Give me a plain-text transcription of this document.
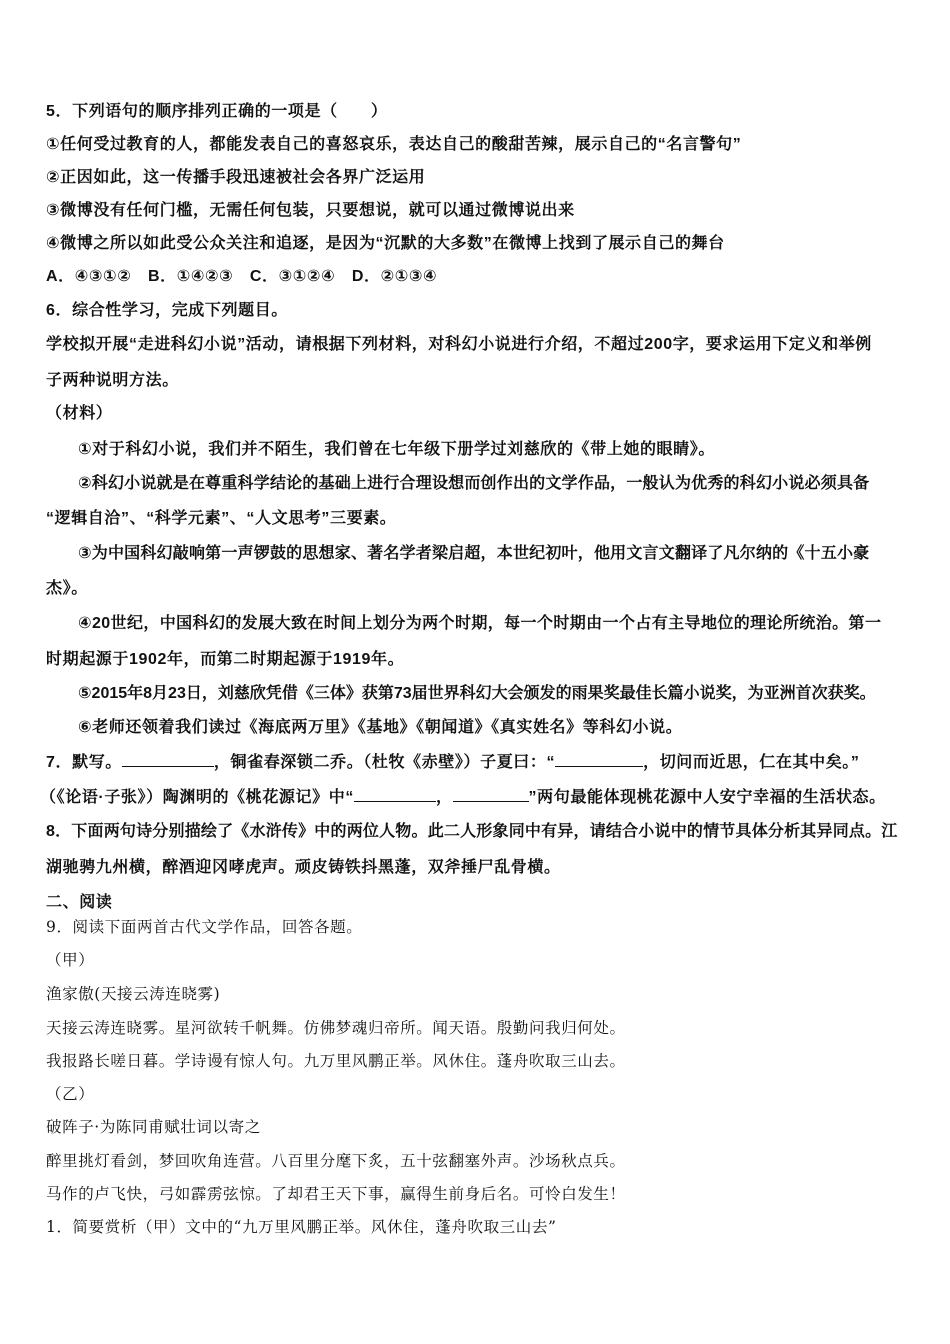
5．下列语句的顺序排列正确的一项是（　　）
①任何受过教育的人，都能发表自己的喜怒哀乐，表达自己的酸甜苦辣，展示自己的“名言警句”
②正因如此，这一传播手段迅速被社会各界广泛运用
③微博没有任何门槛，无需任何包装，只要想说，就可以通过微博说出来
④微博之所以如此受公众关注和追逐，是因为“沉默的大多数”在微博上找到了展示自己的舞台
A．④③①②　B．①④②③　C．③①②④　D．②①③④
6．综合性学习，完成下列题目。
学校拟开展“走进科幻小说”活动，请根据下列材料，对科幻小说进行介绍，不超过200字，要求运用下定义和举例
子两种说明方法。
（材料）
①对于科幻小说，我们并不陌生，我们曾在七年级下册学过刘慈欣的《带上她的眼睛》。
②科幻小说就是在尊重科学结论的基础上进行合理设想而创作出的文学作品，一般认为优秀的科幻小说必须具备
“逻辑自洽”、“科学元素”、“人文思考”三要素。
③为中国科幻敲响第一声锣鼓的思想家、著名学者梁启超，本世纪初叶，他用文言文翻译了凡尔纳的《十五小豪
杰》。
④20世纪，中国科幻的发展大致在时间上划分为两个时期，每一个时期由一个占有主导地位的理论所统治。第一
时期起源于1902年，而第二时期起源于1919年。
⑤2015年8月23日，刘慈欣凭借《三体》获第73届世界科幻大会颁发的雨果奖最佳长篇小说奖，为亚洲首次获奖。
⑥老师还领着我们读过《海底两万里》《基地》《朝闻道》《真实姓名》等科幻小说。
7．默写。	，铜雀春深锁二乔。（杜牧《赤壁》）子夏曰：“	，切问而近思，仁在其中矣。”
（《论语·子张》）陶渊明的《桃花源记》中“	，	”两句最能体现桃花源中人安宁幸福的生活状态。
8．下面两句诗分别描绘了《水浒传》中的两位人物。此二人形象同中有异，请结合小说中的情节具体分析其异同点。江
湖驰骋九州横，醉酒迎冈哮虎声。顽皮铸铁抖黑蓬，双斧捶尸乱骨横。
二、阅读
9．阅读下面两首古代文学作品，回答各题。
（甲）
渔家傲(天接云涛连晓雾)
天接云涛连晓雾。星河欲转千帆舞。仿佛梦魂归帝所。闻天语。殷勤问我归何处。
我报路长嗟日暮。学诗谩有惊人句。九万里风鹏正举。风休住。蓬舟吹取三山去。
（乙）
破阵子·为陈同甫赋壮词以寄之
醉里挑灯看剑，梦回吹角连营。八百里分麾下炙，五十弦翻塞外声。沙场秋点兵。
马作的卢飞快，弓如霹雳弦惊。了却君王天下事，赢得生前身后名。可怜白发生！
1．简要赏析（甲）文中的“九万里风鹏正举。风休住，蓬舟吹取三山去”
